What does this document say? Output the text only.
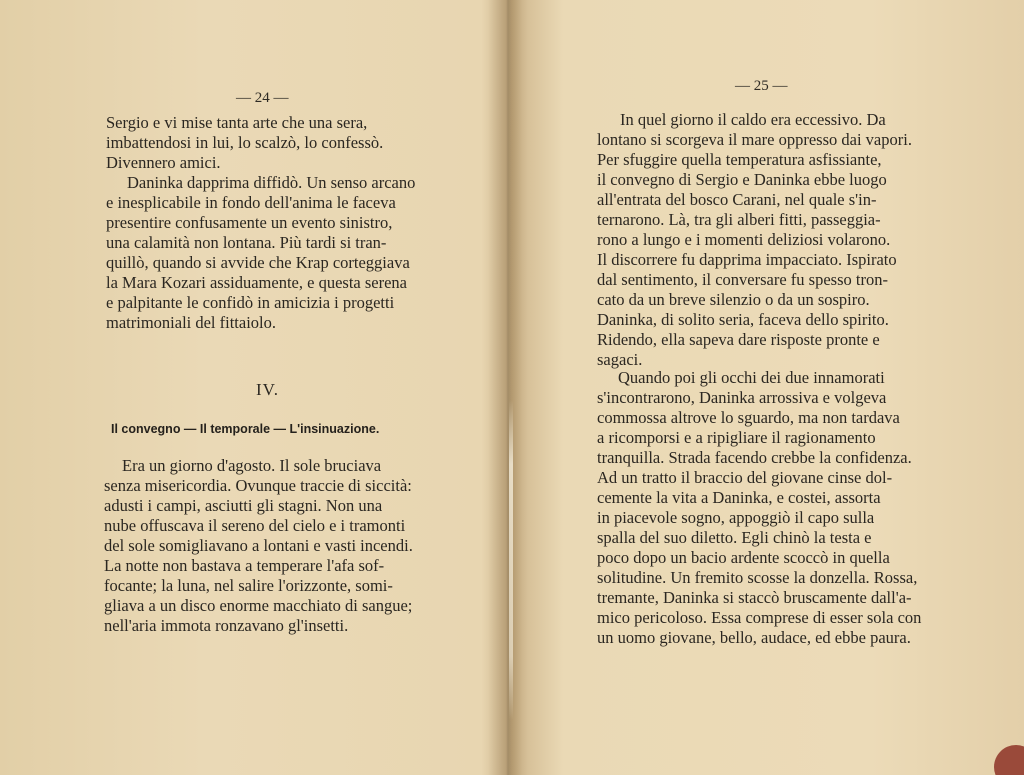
— 24 —
Sergio e vi mise tanta arte che una sera,
imbattendosi in lui, lo scalzò, lo confessò.
Divennero amici.
Daninka dapprima diffidò. Un senso arcano
e inesplicabile in fondo dell'anima le faceva
presentire confusamente un evento sinistro,
una calamità non lontana. Più tardi si tran-
quillò, quando si avvide che Krap corteggiava
la Mara Kozari assiduamente, e questa serena
e palpitante le confidò in amicizia i progetti
matrimoniali del fittaiolo.
IV.
Il convegno — Il temporale — L'insinuazione.
Era un giorno d'agosto. Il sole bruciava
senza misericordia. Ovunque traccie di siccità:
adusti i campi, asciutti gli stagni. Non una
nube offuscava il sereno del cielo e i tramonti
del sole somigliavano a lontani e vasti incendi.
La notte non bastava a temperare l'afa sof-
focante; la luna, nel salire l'orizzonte, somi-
gliava a un disco enorme macchiato di sangue;
nell'aria immota ronzavano gl'insetti.
— 25 —
In quel giorno il caldo era eccessivo. Da
lontano si scorgeva il mare oppresso dai vapori.
Per sfuggire quella temperatura asfissiante,
il convegno di Sergio e Daninka ebbe luogo
all'entrata del bosco Carani, nel quale s'in-
ternarono. Là, tra gli alberi fitti, passeggia-
rono a lungo e i momenti deliziosi volarono.
Il discorrere fu dapprima impacciato. Ispirato
dal sentimento, il conversare fu spesso tron-
cato da un breve silenzio o da un sospiro.
Daninka, di solito seria, faceva dello spirito.
Ridendo, ella sapeva dare risposte pronte e
sagaci.
Quando poi gli occhi dei due innamorati
s'incontrarono, Daninka arrossiva e volgeva
commossa altrove lo sguardo, ma non tardava
a ricomporsi e a ripigliare il ragionamento
tranquilla. Strada facendo crebbe la confidenza.
Ad un tratto il braccio del giovane cinse dol-
cemente la vita a Daninka, e costei, assorta
in piacevole sogno, appoggiò il capo sulla
spalla del suo diletto. Egli chinò la testa e
poco dopo un bacio ardente scoccò in quella
solitudine. Un fremito scosse la donzella. Rossa,
tremante, Daninka si staccò bruscamente dall'a-
mico pericoloso. Essa comprese di esser sola con
un uomo giovane, bello, audace, ed ebbe paura.
